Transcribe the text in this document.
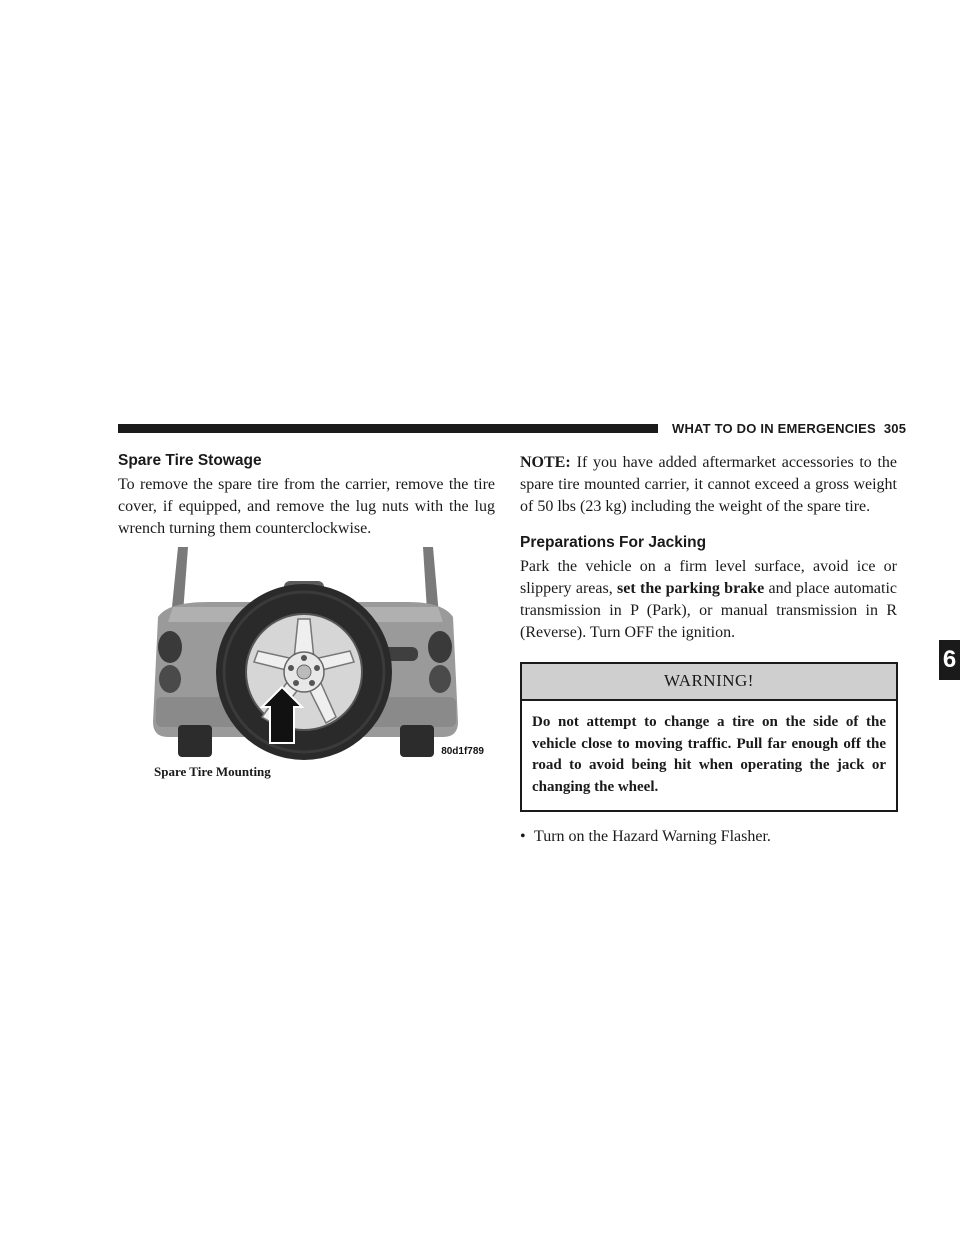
WHAT TO DO IN EMERGENCIES 305
Spare Tire Stowage

To remove the spare tire from the carrier, remove the tire cover, if equipped, and remove the lug nuts with the lug wrench turning them counterclockwise.

80d1f789
Spare Tire Mounting

NOTE: If you have added aftermarket accessories to the spare tire mounted carrier, it cannot exceed a gross weight of 50 lbs (23 kg) including the weight of the spare tire.

Preparations For Jacking

Park the vehicle on a firm level surface, avoid ice or slippery areas, set the parking brake and place automatic transmission in P (Park), or manual transmission in R (Reverse). Turn OFF the ignition.

WARNING!
Do not attempt to change a tire on the side of the vehicle close to moving traffic. Pull far enough off the road to avoid being hit when operating the jack or changing the wheel.
• Turn on the Hazard Warning Flasher.
6
